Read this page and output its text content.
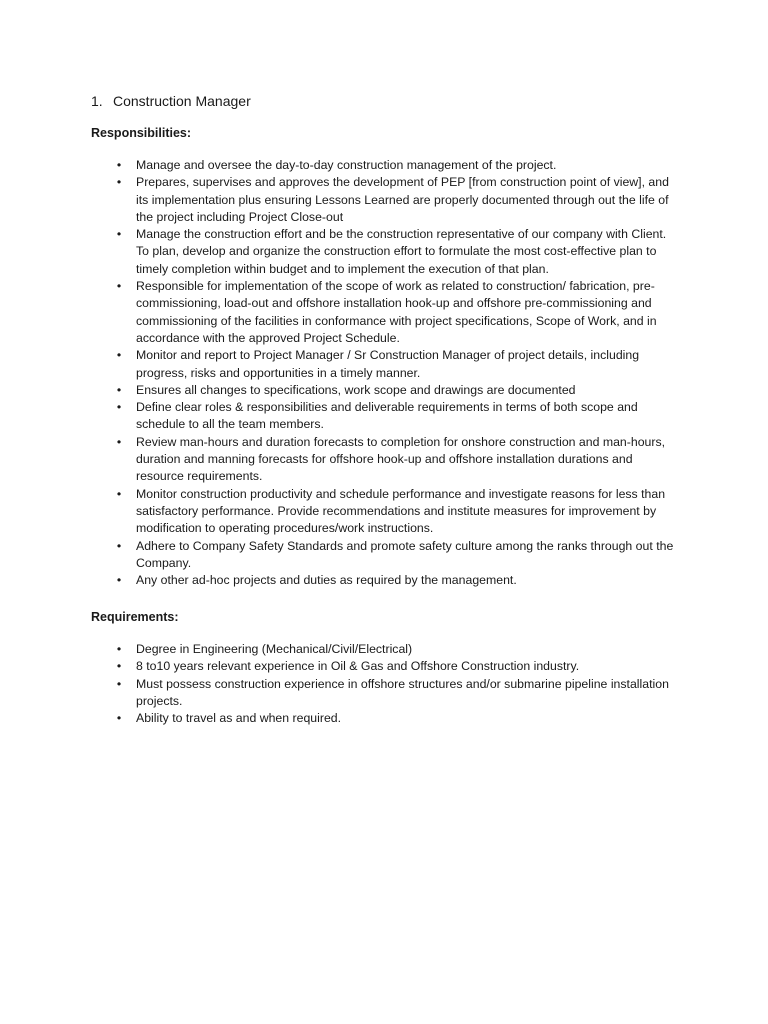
1. Construction Manager
Responsibilities:
• Manage and oversee the day-to-day construction management of the project.
• Prepares, supervises and approves the development of PEP [from construction point of view], and its implementation plus ensuring Lessons Learned are properly documented through out the life of the project including Project Close-out
• Manage the construction effort and be the construction representative of our company with Client. To plan, develop and organize the construction effort to formulate the most cost-effective plan to timely completion within budget and to implement the execution of that plan.
• Responsible for implementation of the scope of work as related to construction/ fabrication, pre-commissioning, load-out and offshore installation hook-up and offshore pre-commissioning and commissioning of the facilities in conformance with project specifications, Scope of Work, and in accordance with the approved Project Schedule.
• Monitor and report to Project Manager / Sr Construction Manager of project details, including progress, risks and opportunities in a timely manner.
• Ensures all changes to specifications, work scope and drawings are documented
• Define clear roles & responsibilities and deliverable requirements in terms of both scope and schedule to all the team members.
• Review man-hours and duration forecasts to completion for onshore construction and man-hours, duration and manning forecasts for offshore hook-up and offshore installation durations and resource requirements.
• Monitor construction productivity and schedule performance and investigate reasons for less than satisfactory performance. Provide recommendations and institute measures for improvement by modification to operating procedures/work instructions.
• Adhere to Company Safety Standards and promote safety culture among the ranks through out the Company.
• Any other ad-hoc projects and duties as required by the management.
Requirements:
• Degree in Engineering (Mechanical/Civil/Electrical)
• 8 to10 years relevant experience in Oil & Gas and Offshore Construction industry.
• Must possess construction experience in offshore structures and/or submarine pipeline installation projects.
• Ability to travel as and when required.
